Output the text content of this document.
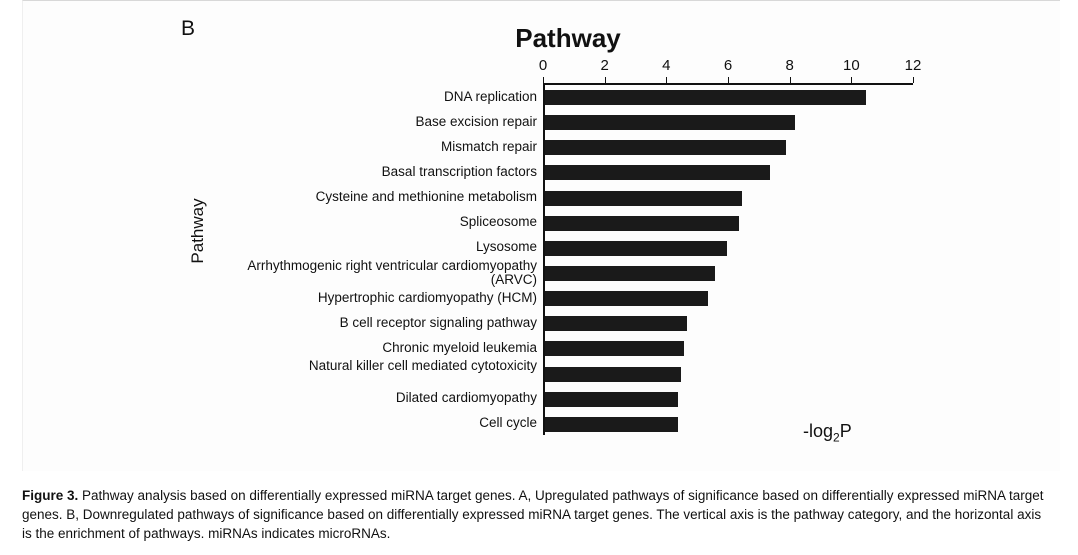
B	Pathway
Pathway
$-\log_2P$
0	2	4	6	8	10	12
DNA replication
Base excision repair
Mismatch repair
Basal transcription factors
Cysteine and methionine metabolism
Spliceosome
Lysosome
Arrhythmogenic right ventricular cardiomyopathy (ARVC)
Hypertrophic cardiomyopathy (HCM)
B cell receptor signaling pathway
Chronic myeloid leukemia
Natural killer cell mediated cytotoxicity
Dilated cardiomyopathy
Cell cycle
Figure 3. Pathway analysis based on differentially expressed miRNA target genes. A, Upregulated pathways of significance based on differentially expressed miRNA target genes. B, Downregulated pathways of significance based on differentially expressed miRNA target genes. The vertical axis is the pathway category, and the horizontal axis is the enrichment of pathways. miRNAs indicates microRNAs.
